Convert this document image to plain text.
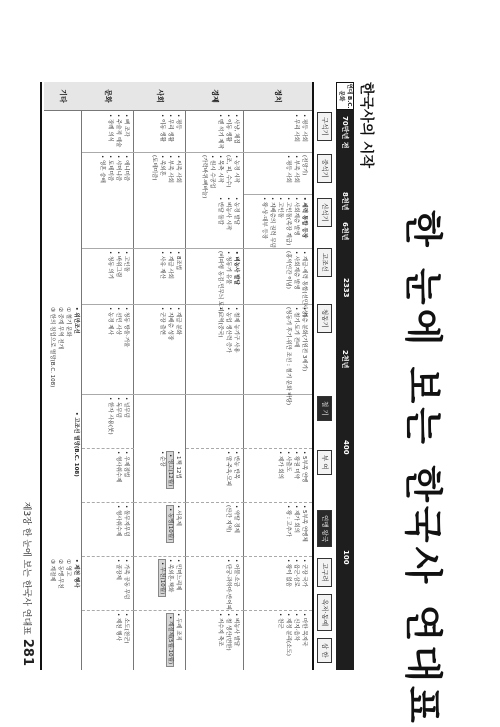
한 눈에 보는 한국사 연대표
한국사의 시작
연대 B.C. 문화
70만년 전
8천년
6천년
2333
2천년
400
100
구석기
중석기
신석기
고조선
청동기
철 기
부 여
연맹 왕국
고구려
옥저·동예
삼 한
정치
• 평등 사회
• 무리 사회
(전망기)
• 부족 사회
• 평등 사회
• 세력 통합 등장
• 사회계층 발생
• 고인돌(족장 계급)
• 고인돌
• 지배층의 권력 무덤
• 왕·상·대부 등장
• 계급·세력 통합(선민사상)
• 사회계층 발생
(홍익인간 이념)
• 계층 분화(기원전 3세기)
• 철기·토기 전래
(청동기 후기·위만 조선 : 철기 문화 바탕)
• 5부족 연맹
• 왕권 미약
• 사출도
• 제가 회의
• 5부족 연맹체
• 제가 회의
• 왕 : 고추가
• 군장 국가
• 읍군·삼로
• 왕이 없음
• 마한 목지국
• 신지·읍차
• 제정 분리(소도)
• 천군
경제
• 사냥, 채집
• 이동 생활
• 뗀 석기 제작
• 농경 시작
(조, 피, 수수)
• 목축 시작
• 원시 수공업
(가락바퀴·뼈바늘)
• 농경 발달
• 벼농사 시작
• 반달 돌칼
• 벼농사 발달
• 청동기 유물
(비파형 동검·민무늬 토기)
• 철제 농기구 사용
• 농업 생산력 증가
• 교역(중국)
• 반농 반목
• 말·주옥·모피
• 약탈 경제
(산간 지역)
• 어물·소금
• 단궁·과하마·반어피
• 벼농사 발달
• 철 생산(변한)
• 저수지 축조
사회
• 평등
• 무리 생활
• 이동 생활
• 씨족 사회
• 부족 사회
• 족외혼
(토테미즘)
• 8조법
• 계급 사회
• 사유 재산
• 계급 분화
• 지배층 성장
• 군장 출현
• 1책 12법
• 영고(12월)
• 순장
• 서옥제
• 동맹(10월)
• 민며느리제
• 족외혼·책화
• 무천(10월)
• 두레 조직
• 계절제(5월·10월)
문화
• 뼈 조각
• 주술적 예술
• 장례 의식
• 애니미즘
• 샤머니즘
• 토테미즘
• 영혼 숭배
• 고인돌
• 바위그림
• 청동 의기
• 청동 방울·거울
• 선민 사상
• 농경 제사
• 널무덤
• 독무덤
• 한자 사용(붓)
• 우제점법
• 형사취수제
• 돌무지무덤
• 형사취수제
• 가족 공동 무덤
• 골장제
• 소도(천군)
• 제천 행사
기타
• 위만조선
① 철기 문화
② 중계 무역 전개
③ 한의 침입으로 멸망(B.C. 108)
• 고조선 멸망(B.C. 108)
• 제천 행사
① 영고
② 동맹·무천
③ 계절제
제3장 한 눈에 보는 한국사 연대표281
